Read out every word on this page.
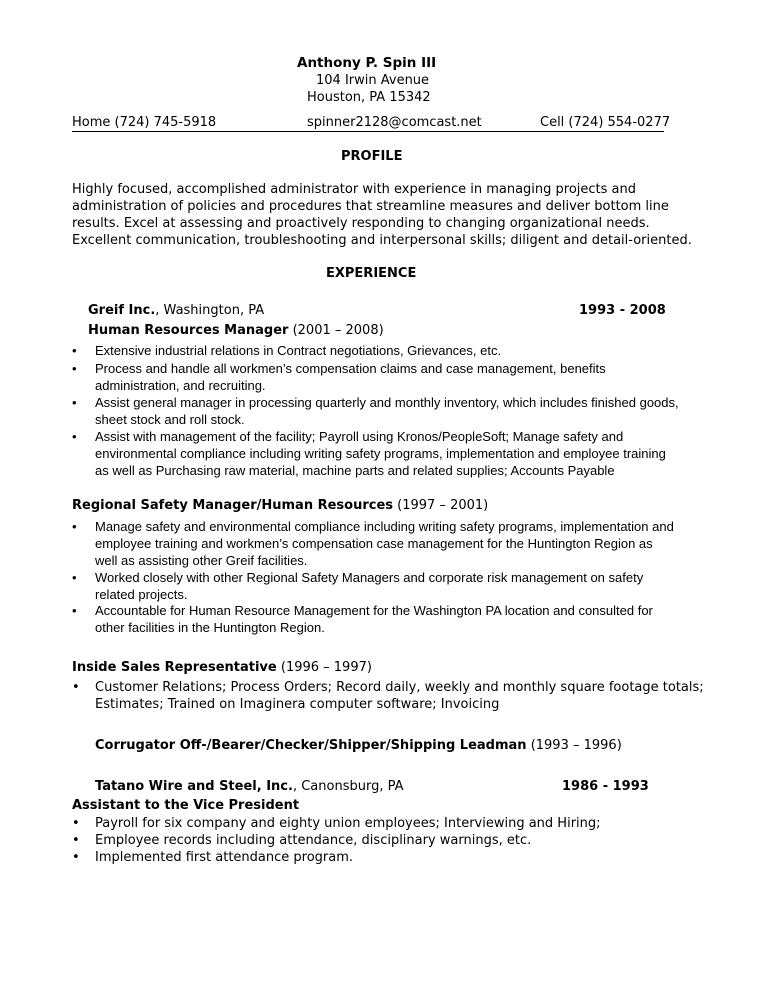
Anthony P. Spin III
104 Irwin Avenue
Houston, PA 15342
Home (724) 745-5918	spinner2128@comcast.net	Cell (724) 554-0277
PROFILE
Highly focused, accomplished administrator with experience in managing projects and
administration of policies and procedures that streamline measures and deliver bottom line
results. Excel at assessing and proactively responding to changing organizational needs.
Excellent communication, troubleshooting and interpersonal skills; diligent and detail-oriented.
EXPERIENCE
Greif Inc., Washington, PA	1993 - 2008
Human Resources Manager (2001 – 2008)
• Extensive industrial relations in Contract negotiations, Grievances, etc.
• Process and handle all workmen’s compensation claims and case management, benefits
administration, and recruiting.
• Assist general manager in processing quarterly and monthly inventory, which includes finished goods,
sheet stock and roll stock.
• Assist with management of the facility; Payroll using Kronos/PeopleSoft; Manage safety and
environmental compliance including writing safety programs, implementation and employee training
as well as Purchasing raw material, machine parts and related supplies; Accounts Payable
Regional Safety Manager/Human Resources (1997 – 2001)
• Manage safety and environmental compliance including writing safety programs, implementation and
employee training and workmen’s compensation case management for the Huntington Region as
well as assisting other Greif facilities.
• Worked closely with other Regional Safety Managers and corporate risk management on safety
related projects.
• Accountable for Human Resource Management for the Washington PA location and consulted for
other facilities in the Huntington Region.
Inside Sales Representative (1996 – 1997)
• Customer Relations; Process Orders; Record daily, weekly and monthly square footage totals;
Estimates; Trained on Imaginera computer software; Invoicing
Corrugator Off-/Bearer/Checker/Shipper/Shipping Leadman (1993 – 1996)
Tatano Wire and Steel, Inc., Canonsburg, PA	1986 - 1993
Assistant to the Vice President
• Payroll for six company and eighty union employees; Interviewing and Hiring;
• Employee records including attendance, disciplinary warnings, etc.
• Implemented first attendance program.
